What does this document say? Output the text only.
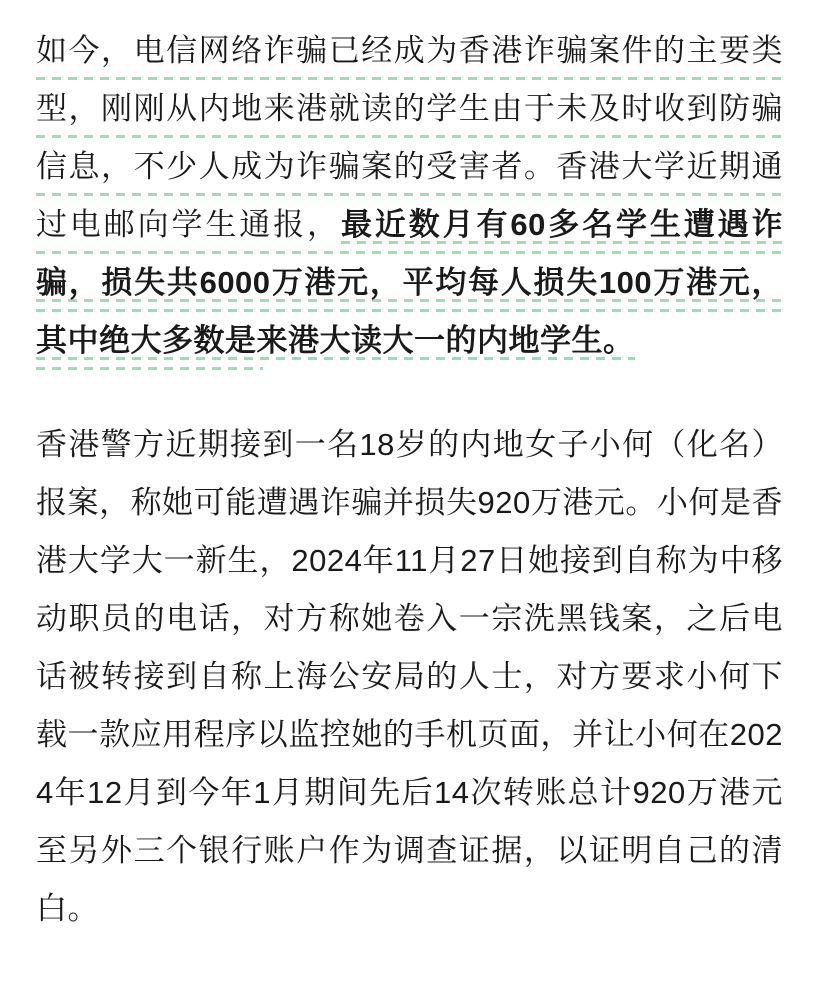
如今，电信网络诈骗已经成为香港诈骗案件的主要类型，刚刚从内地来港就读的学生由于未及时收到防骗信息，不少人成为诈骗案的受害者。香港大学近期通过电邮向学生通报，最近数月有60多名学生遭遇诈骗，损失共6000万港元，平均每人损失100万港元，其中绝大多数是来港大读大一的内地学生。

香港警方近期接到一名18岁的内地女子小何（化名）报案，称她可能遭遇诈骗并损失920万港元。小何是香港大学大一新生，2024年11月27日她接到自称为中移动职员的电话，对方称她卷入一宗洗黑钱案，之后电话被转接到自称上海公安局的人士，对方要求小何下载一款应用程序以监控她的手机页面，并让小何在2024年12月到今年1月期间先后14次转账总计920万港元至另外三个银行账户作为调查证据，以证明自己的清白。
